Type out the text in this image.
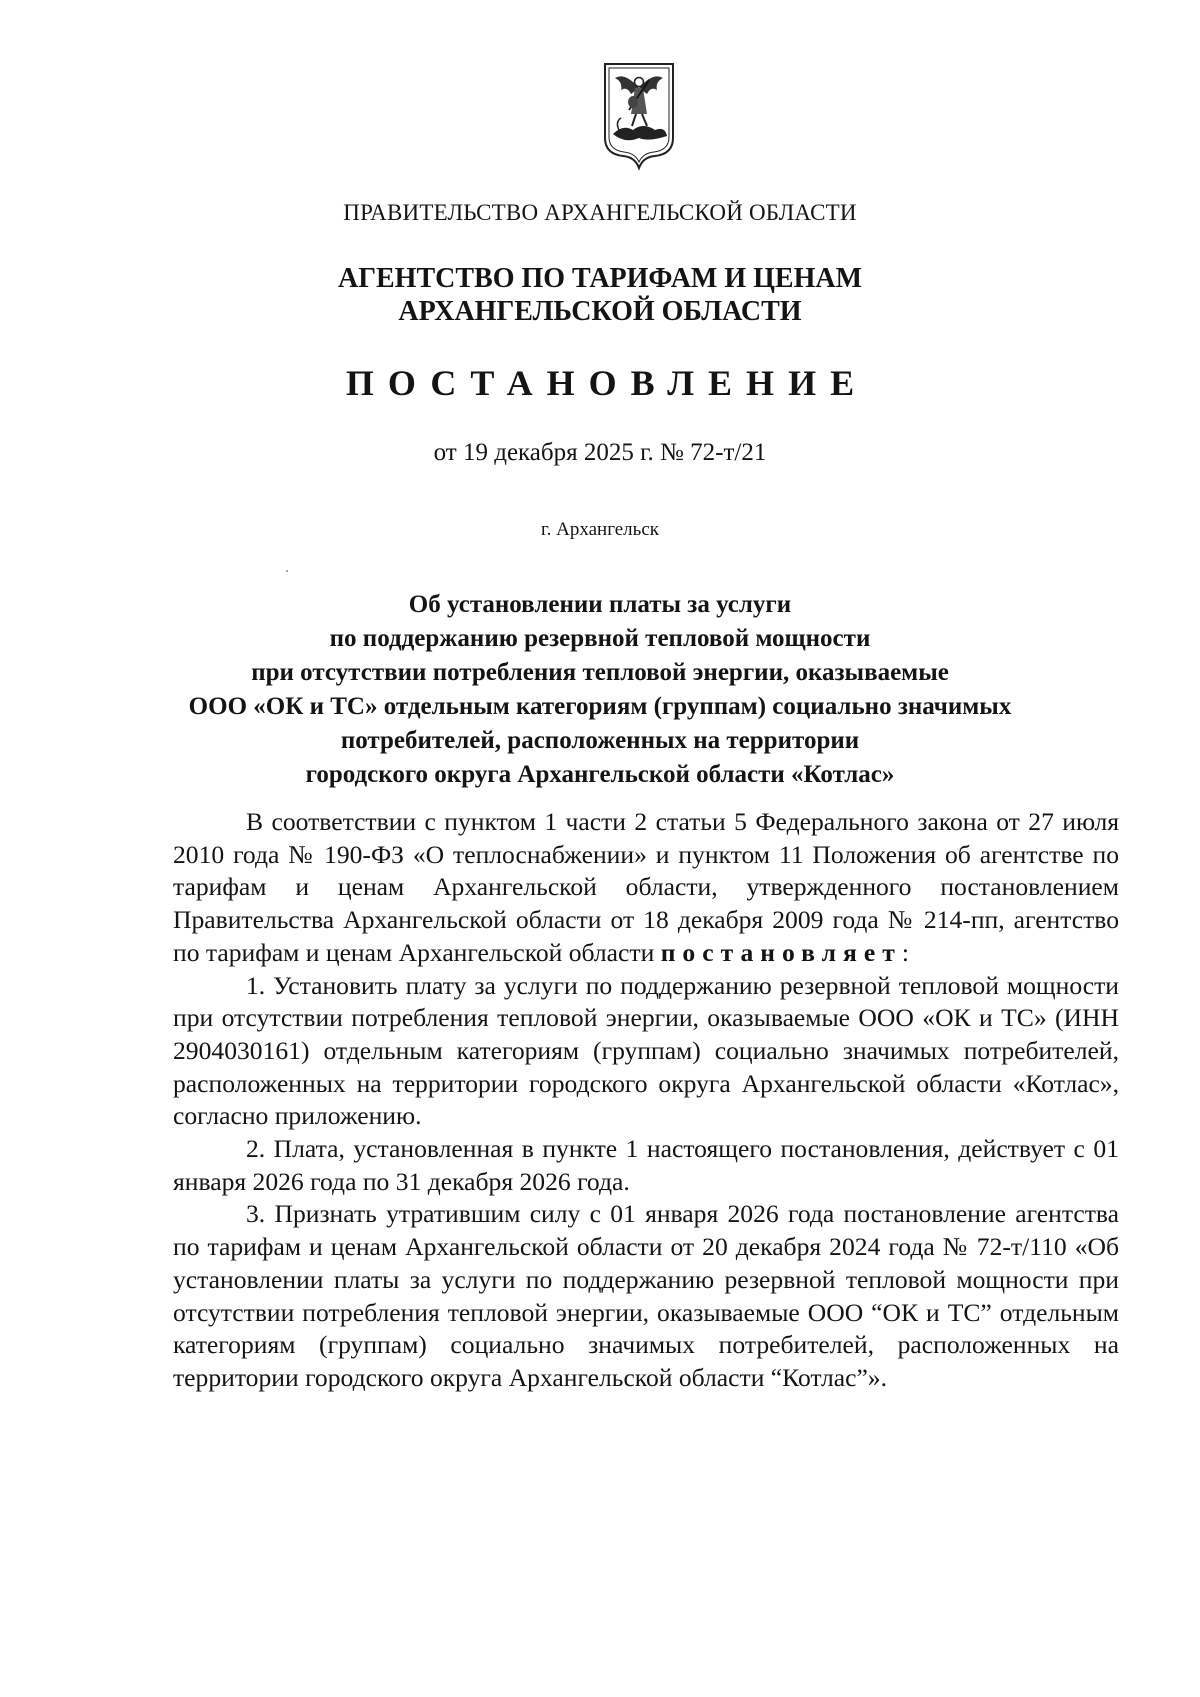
ПРАВИТЕЛЬСТВО АРХАНГЕЛЬСКОЙ ОБЛАСТИ
АГЕНТСТВО ПО ТАРИФАМ И ЦЕНАМ
АРХАНГЕЛЬСКОЙ ОБЛАСТИ
ПОСТАНОВЛЕНИЕ
от 19 декабря 2025 г. № 72-т/21
г. Архангельск
Об установлении платы за услуги
по поддержанию резервной тепловой мощности
при отсутствии потребления тепловой энергии, оказываемые
ООО «ОК и ТС» отдельным категориям (группам) социально значимых
потребителей, расположенных на территории
городского округа Архангельской области «Котлас»

В соответствии с пунктом 1 части 2 статьи 5 Федерального закона от 27 июля 2010 года № 190-ФЗ «О теплоснабжении» и пунктом 11 Положения об агентстве по тарифам и ценам Архангельской области, утвержденного постановлением Правительства Архангельской области от 18 декабря 2009 года № 214-пп, агентство по тарифам и ценам Архангельской области постановляет:

1. Установить плату за услуги по поддержанию резервной тепловой мощности при отсутствии потребления тепловой энергии, оказываемые ООО «ОК и ТС» (ИНН 2904030161) отдельным категориям (группам) социально значимых потребителей, расположенных на территории городского округа Архангельской области «Котлас», согласно приложению.

2. Плата, установленная в пункте 1 настоящего постановления, действует с 01 января 2026 года по 31 декабря 2026 года.

3. Признать утратившим силу с 01 января 2026 года постановление агентства по тарифам и ценам Архангельской области от 20 декабря 2024 года № 72-т/110 «Об установлении платы за услуги по поддержанию резервной тепловой мощности при отсутствии потребления тепловой энергии, оказываемые ООО “ОК и ТС” отдельным категориям (группам) социально значимых потребителей, расположенных на территории городского округа Архангельской области “Котлас”».
